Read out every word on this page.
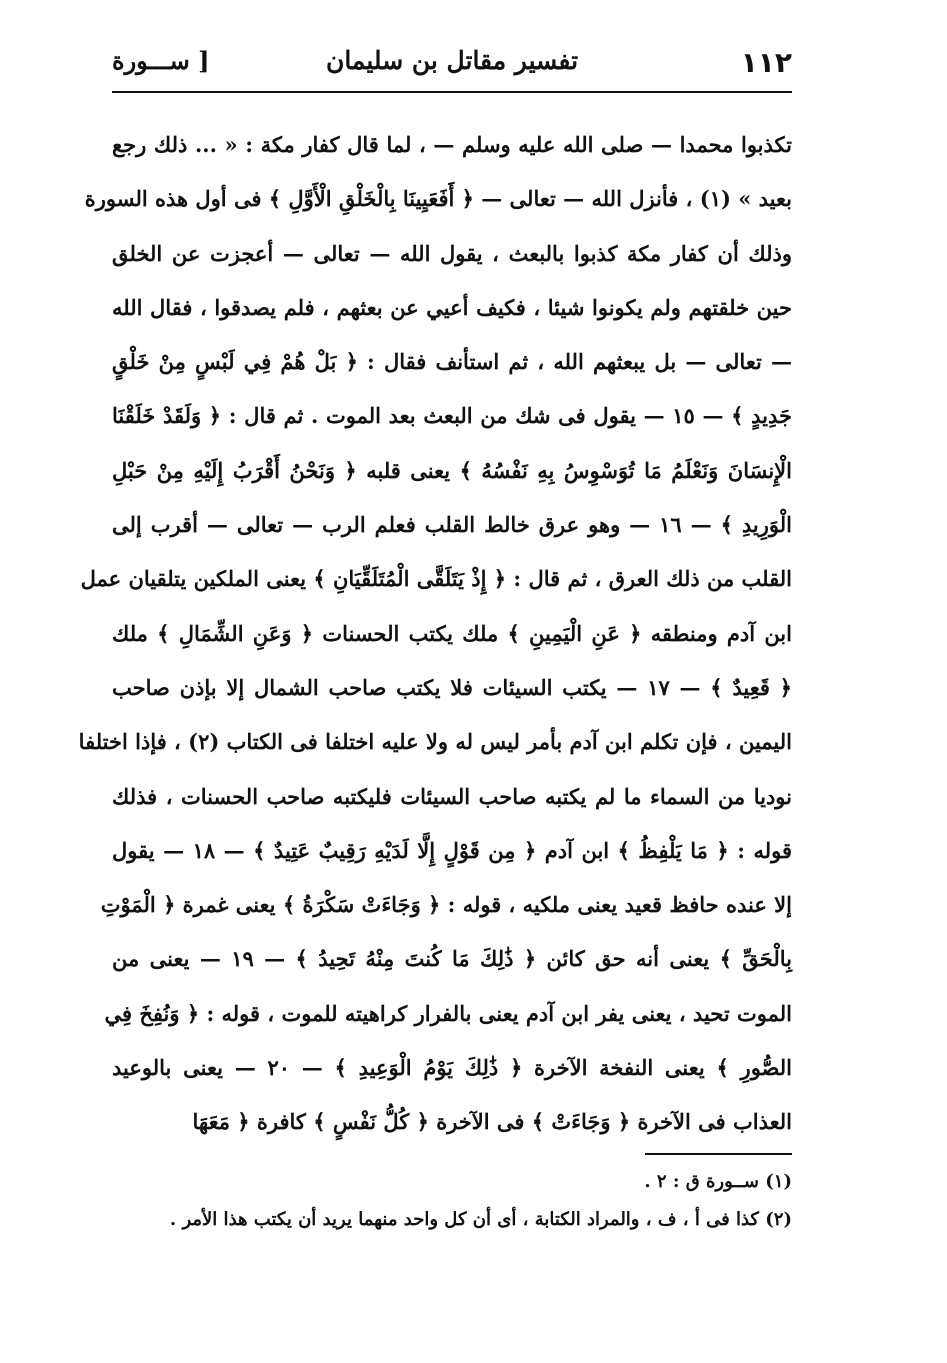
١١٢
تفسير مقاتل بن سليمان
[ ســـورة
تكذبوا محمدا — صلى الله عليه وسلم — ، لما قال كفار مكة : « ... ذلك رجع
بعيد » (١) ، فأنزل الله — تعالى — ﴿ أَفَعَيِينَا بِالْخَلْقِ الْأَوَّلِ ﴾ فى أول هذه السورة
وذلك أن كفار مكة كذبوا بالبعث ، يقول الله — تعالى — أعجزت عن الخلق
حين خلقتهم ولم يكونوا شيئا ، فكيف أعيي عن بعثهم ، فلم يصدقوا ، فقال الله
— تعالى — بل يبعثهم الله ، ثم استأنف فقال : ﴿ بَلْ هُمْ فِي لَبْسٍ مِنْ خَلْقٍ
جَدِيدٍ ﴾ — ١٥ — يقول فى شك من البعث بعد الموت . ثم قال : ﴿ وَلَقَدْ خَلَقْنَا
الْإِنسَانَ وَنَعْلَمُ مَا تُوَسْوِسُ بِهِ نَفْسُهُ ﴾ يعنى قلبه ﴿ وَنَحْنُ أَقْرَبُ إِلَيْهِ مِنْ حَبْلِ
الْوَرِيدِ ﴾ — ١٦ — وهو عرق خالط القلب فعلم الرب — تعالى — أقرب إلى
القلب من ذلك العرق ، ثم قال : ﴿ إِذْ يَتَلَقَّى الْمُتَلَقِّيَانِ ﴾ يعنى الملكين يتلقيان عمل
ابن آدم ومنطقه ﴿ عَنِ الْيَمِينِ ﴾ ملك يكتب الحسنات ﴿ وَعَنِ الشِّمَالِ ﴾ ملك
﴿ قَعِيدٌ ﴾ — ١٧ — يكتب السيئات فلا يكتب صاحب الشمال إلا بإذن صاحب
اليمين ، فإن تكلم ابن آدم بأمر ليس له ولا عليه اختلفا فى الكتاب (٢) ، فإذا اختلفا
نوديا من السماء ما لم يكتبه صاحب السيئات فليكتبه صاحب الحسنات ، فذلك
قوله : ﴿ مَا يَلْفِظُ ﴾ ابن آدم ﴿ مِن قَوْلٍ إِلَّا لَدَيْهِ رَقِيبٌ عَتِيدٌ ﴾ — ١٨ — يقول
إلا عنده حافظ قعيد يعنى ملكيه ، قوله : ﴿ وَجَاءَتْ سَكْرَةُ ﴾ يعنى غمرة ﴿ الْمَوْتِ
بِالْحَقِّ ﴾ يعنى أنه حق كائن ﴿ ذَٰلِكَ مَا كُنتَ مِنْهُ تَحِيدُ ﴾ — ١٩ — يعنى من
الموت تحيد ، يعنى يفر ابن آدم يعنى بالفرار كراهيته للموت ، قوله : ﴿ وَنُفِخَ فِي
الصُّورِ ﴾ يعنى النفخة الآخرة ﴿ ذَٰلِكَ يَوْمُ الْوَعِيدِ ﴾ — ٢٠ — يعنى بالوعيد
العذاب فى الآخرة ﴿ وَجَاءَتْ ﴾ فى الآخرة ﴿ كُلُّ نَفْسٍ ﴾ كافرة ﴿ مَعَهَا
(١) ســورة ق : ٢ .
(٢) كذا فى أ ، ف ، والمراد الكتابة ، أى أن كل واحد منهما يريد أن يكتب هذا الأمر .
